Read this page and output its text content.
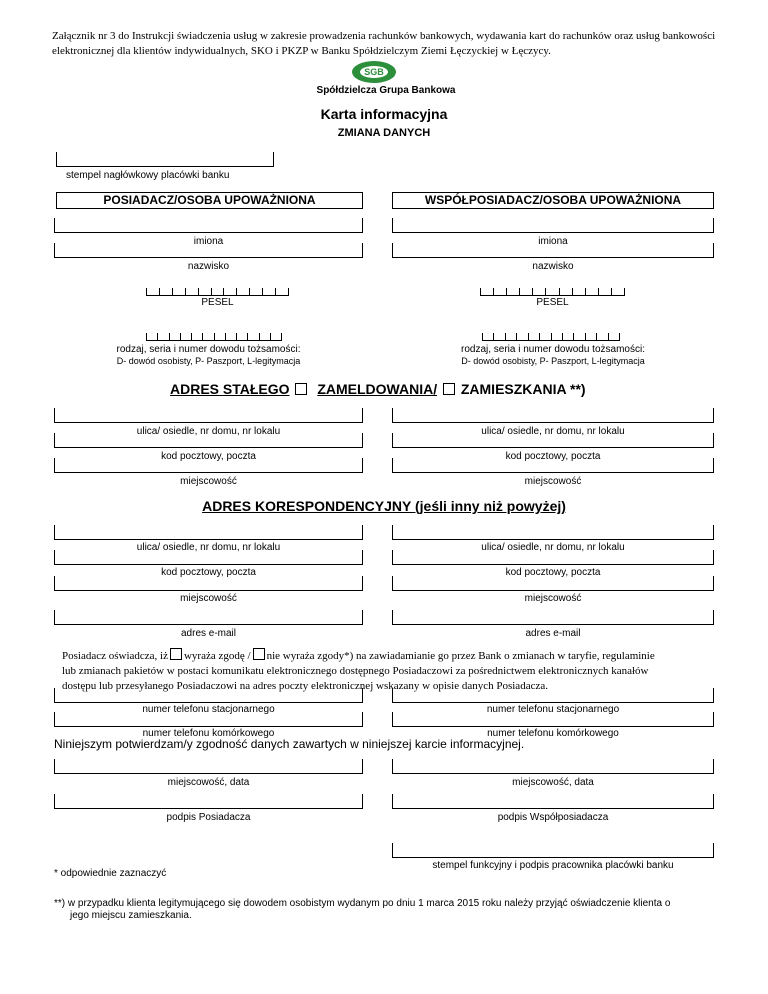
Załącznik nr 3 do Instrukcji świadczenia usług w zakresie prowadzenia rachunków bankowych, wydawania kart do rachunków oraz usług bankowości elektronicznej dla klientów indywidualnych, SKO i PKZP w Banku Spółdzielczym Ziemi Łęczyckiej w Łęczycy.
SGB
Spółdzielcza Grupa Bankowa
Karta informacyjna
ZMIANA DANYCH
stempel nagłówkowy placówki banku
POSIADACZ/OSOBA UPOWAŻNIONA	WSPÓŁPOSIADACZ/OSOBA UPOWAŻNIONA
imiona	imiona
nazwisko	nazwisko
PESEL	PESEL
rodzaj, seria i numer dowodu tożsamości:
D- dowód osobisty, P- Paszport, L-legitymacja
rodzaj, seria i numer dowodu tożsamości:
D- dowód osobisty, P- Paszport, L-legitymacja
ADRES STAŁEGO ZAMELDOWANIA/ ZAMIESZKANIA **)
ulica/ osiedle, nr domu, nr lokalu	ulica/ osiedle, nr domu, nr lokalu
kod pocztowy, poczta	kod pocztowy, poczta
miejscowość	miejscowość
ADRES KORESPONDENCYJNY (jeśli inny niż powyżej)
ulica/ osiedle, nr domu, nr lokalu	ulica/ osiedle, nr domu, nr lokalu
kod pocztowy, poczta	kod pocztowy, poczta
miejscowość	miejscowość
adres e-mail	adres e-mail
Posiadacz oświadcza, iż wyraża zgodę / nie wyraża zgody*) na zawiadamianie go przez Bank o zmianach w taryfie, regulaminie
lub zmianach pakietów w postaci komunikatu elektronicznego dostępnego Posiadaczowi za pośrednictwem elektronicznych kanałów
dostępu lub przesyłanego Posiadaczowi na adres poczty elektronicznej wskazany w opisie danych Posiadacza.
numer telefonu stacjonarnego	numer telefonu stacjonarnego
numer telefonu komórkowego	numer telefonu komórkowego
Niniejszym potwierdzam/y zgodność danych zawartych w niniejszej karcie informacyjnej.
miejscowość, data	miejscowość, data
podpis Posiadacza	podpis Współposiadacza
stempel funkcyjny i podpis pracownika placówki banku
* odpowiednie zaznaczyć
**) w przypadku klienta legitymującego się dowodem osobistym wydanym po dniu 1 marca 2015 roku należy przyjąć oświadczenie klienta o
jego miejscu zamieszkania.
